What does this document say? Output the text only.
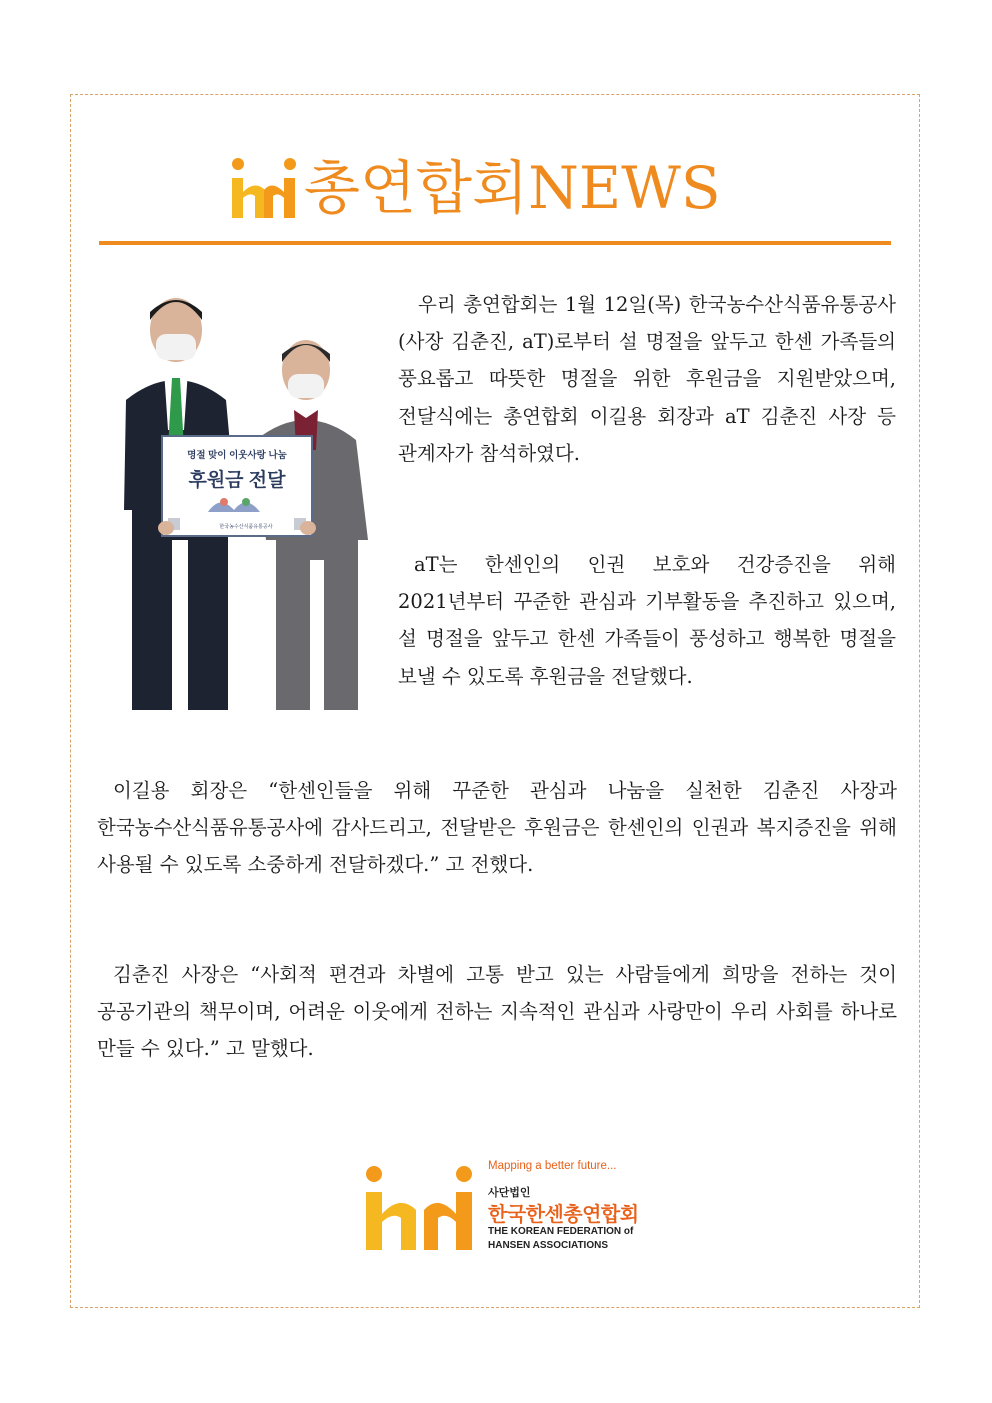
총연합회NEWS
명절 맞이 이웃사랑 나눔
후원금 전달
한국농수산식품유통공사

우리 총연합회는 1월 12일(목) 한국농수산식품유통공사(사장 김춘진, aT)로부터 설 명절을 앞두고 한센 가족들의 풍요롭고 따뜻한 명절을 위한 후원금을 지원받았으며, 전달식에는 총연합회 이길용 회장과 aT 김춘진 사장 등 관계자가 참석하였다.

aT는 한센인의 인권 보호와 건강증진을 위해 2021년부터 꾸준한 관심과 기부활동을 추진하고 있으며, 설 명절을 앞두고 한센 가족들이 풍성하고 행복한 명절을 보낼 수 있도록 후원금을 전달했다.

이길용 회장은 “한센인들을 위해 꾸준한 관심과 나눔을 실천한 김춘진 사장과 한국농수산식품유통공사에 감사드리고, 전달받은 후원금은 한센인의 인권과 복지증진을 위해 사용될 수 있도록 소중하게 전달하겠다.” 고 전했다.

김춘진 사장은 “사회적 편견과 차별에 고통 받고 있는 사람들에게 희망을 전하는 것이 공공기관의 책무이며, 어려운 이웃에게 전하는 지속적인 관심과 사랑만이 우리 사회를 하나로 만들 수 있다.” 고 말했다.

Mapping a better future...
사단법인
한국한센총연합회
THE KOREAN FEDERATION of
HANSEN ASSOCIATIONS
